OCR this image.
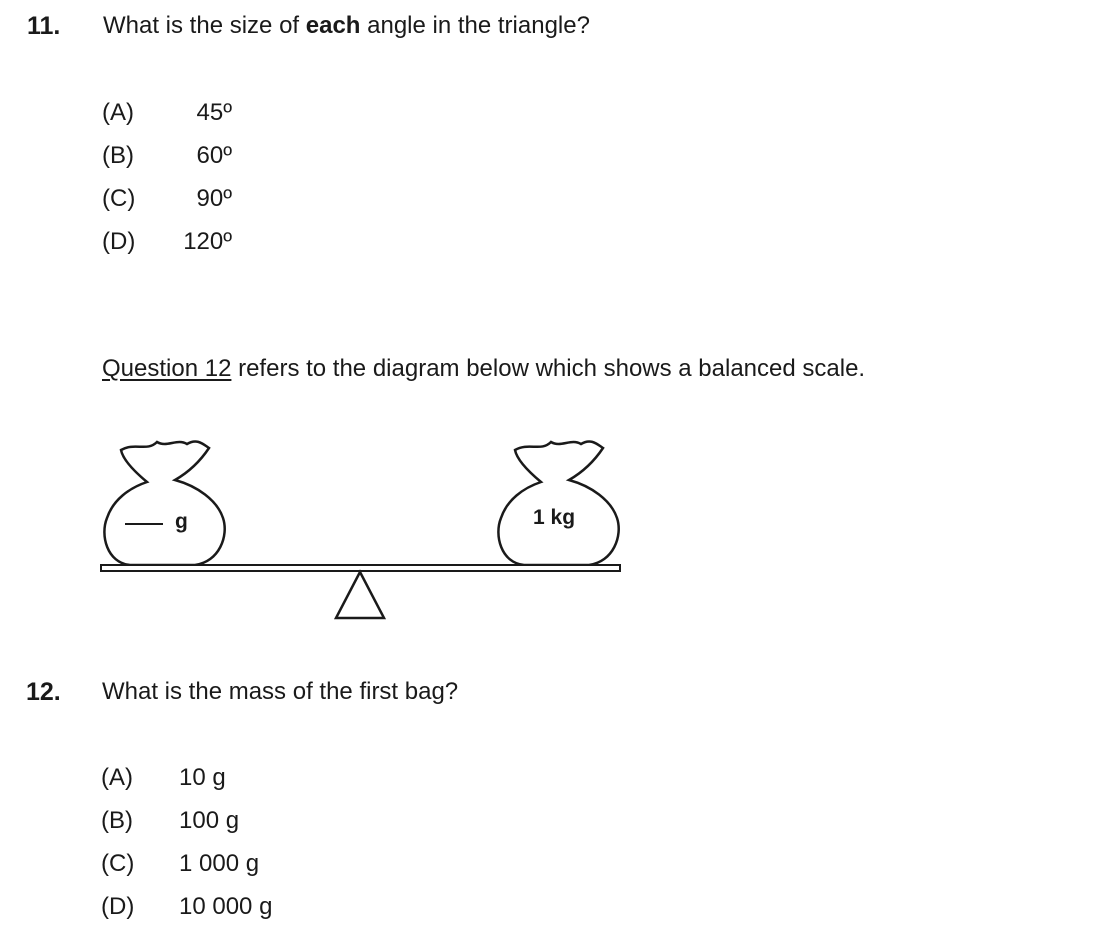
11. What is the size of each angle in the triangle?
(A)	45º
(B)	60º
(C)	90º
(D)	120º
Question 12 refers to the diagram below which shows a balanced scale.
g	1 kg
12. What is the mass of the first bag?
(A) 10 g
(B) 100 g
(C) 1 000 g
(D) 10 000 g
